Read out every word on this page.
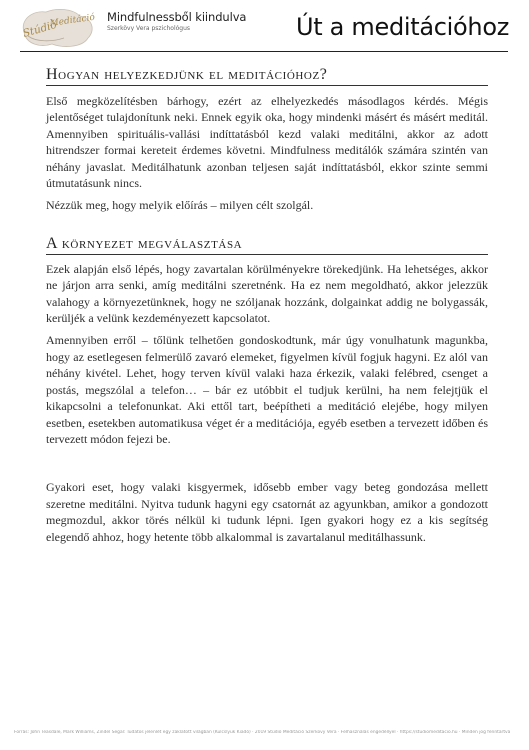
Stúdió
Meditáció Mindfulnessből kiindulva
Szerkövy Vera pszichológus	Út a meditációhoz
Hogyan helyezkedjünk el meditációhoz?

Első megközelítésben bárhogy, ezért az elhelyezkedés másodlagos kérdés. Mégis jelentőséget tulajdonítunk neki. Ennek egyik oka, hogy mindenki másért és másért meditál. Amennyiben spirituális-vallási indíttatásból kezd valaki meditálni, akkor az adott hitrendszer formai kereteit érdemes követni. Mindfulness meditálók számára szintén van néhány javaslat. Meditálhatunk azonban teljesen saját indíttatásból, ekkor szinte semmi útmutatásunk nincs.

Nézzük meg, hogy melyik előírás – milyen célt szolgál.

A környezet megválasztása

Ezek alapján első lépés, hogy zavartalan körülményekre törekedjünk. Ha lehetséges, akkor ne járjon arra senki, amíg meditálni szeretnénk. Ha ez nem megoldható, akkor jelezzük valahogy a környezetünknek, hogy ne szóljanak hozzánk, dolgainkat addig ne bolygassák, kerüljék a velünk kezdeményezett kapcsolatot.

Amennyiben erről – tőlünk telhetően gondoskodtunk, már úgy vonulhatunk magunkba, hogy az esetlegesen felmerülő zavaró elemeket, figyelmen kívül fogjuk hagyni. Ez alól van néhány kivétel. Lehet, hogy terven kívül valaki haza érkezik, valaki felébred, csenget a postás, megszólal a telefon… – bár ez utóbbit el tudjuk kerülni, ha nem felejtjük el kikapcsolni a telefonunkat. Aki ettől tart, beépítheti a meditáció elejébe, hogy milyen esetben, esetekben automatikusa véget ér a meditációja, egyéb esetben a tervezett időben és tervezett módon fejezi be.

Gyakori eset, hogy valaki kisgyermek, idősebb ember vagy beteg gondozása mellett szeretne meditálni. Nyitva tudunk hagyni egy csatornát az agyunkban, amikor a gondozott megmozdul, akkor törés nélkül ki tudunk lépni. Igen gyakori hogy ez a kis segítség elegendő ahhoz, hogy hetente több alkalommal is zavartalanul meditálhassunk.

Forrás: John Teasdale, Mark Williams, Zindel Segal: Tudatos jelenlét egy zaklatott világban (Kulcslyuk Kiadó) · 2019 Stúdió Meditáció Szerkövy Vera · Felhasználás engedéllyel · https://studiomeditacio.hu · Minden jog fenntartva
